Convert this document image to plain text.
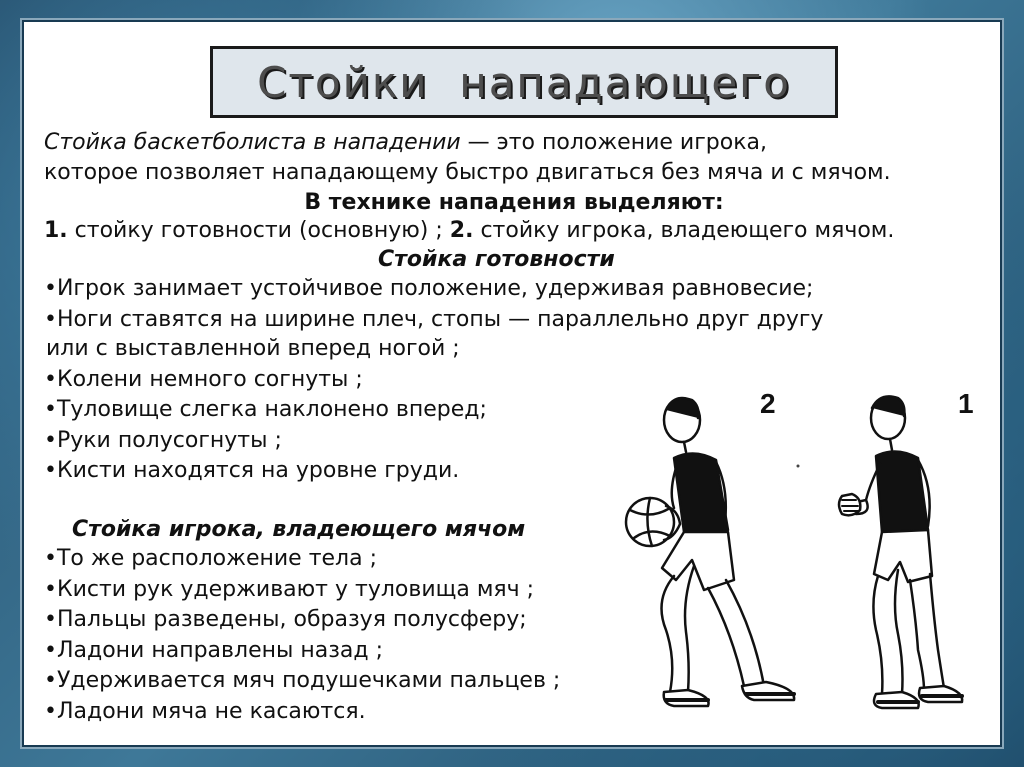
Стойки  нападающего
Стойка баскетболиста в нападении — это положение игрока,
которое позволяет нападающему быстро двигаться без мяча и с мячом.
В технике нападения выделяют:
1. стойку готовности (основную) ; 2. стойку игрока, владеющего мячом.
Стойка готовности
•Игрок занимает устойчивое положение, удерживая равновесие;
•Ноги ставятся на ширине плеч, стопы — параллельно друг другу
или с выставленной вперед ногой ;
•Колени немного согнуты ;
•Туловище слегка наклонено вперед;
•Руки полусогнуты ;
•Кисти находятся на уровне груди.
Стойка игрока, владеющего мячом
•То же расположение тела ;
•Кисти рук удерживают у туловища мяч ;
•Пальцы разведены, образуя полусферу;
•Ладони направлены назад ;
•Удерживается мяч подушечками пальцев ;
•Ладони мяча не касаются.
2	1
